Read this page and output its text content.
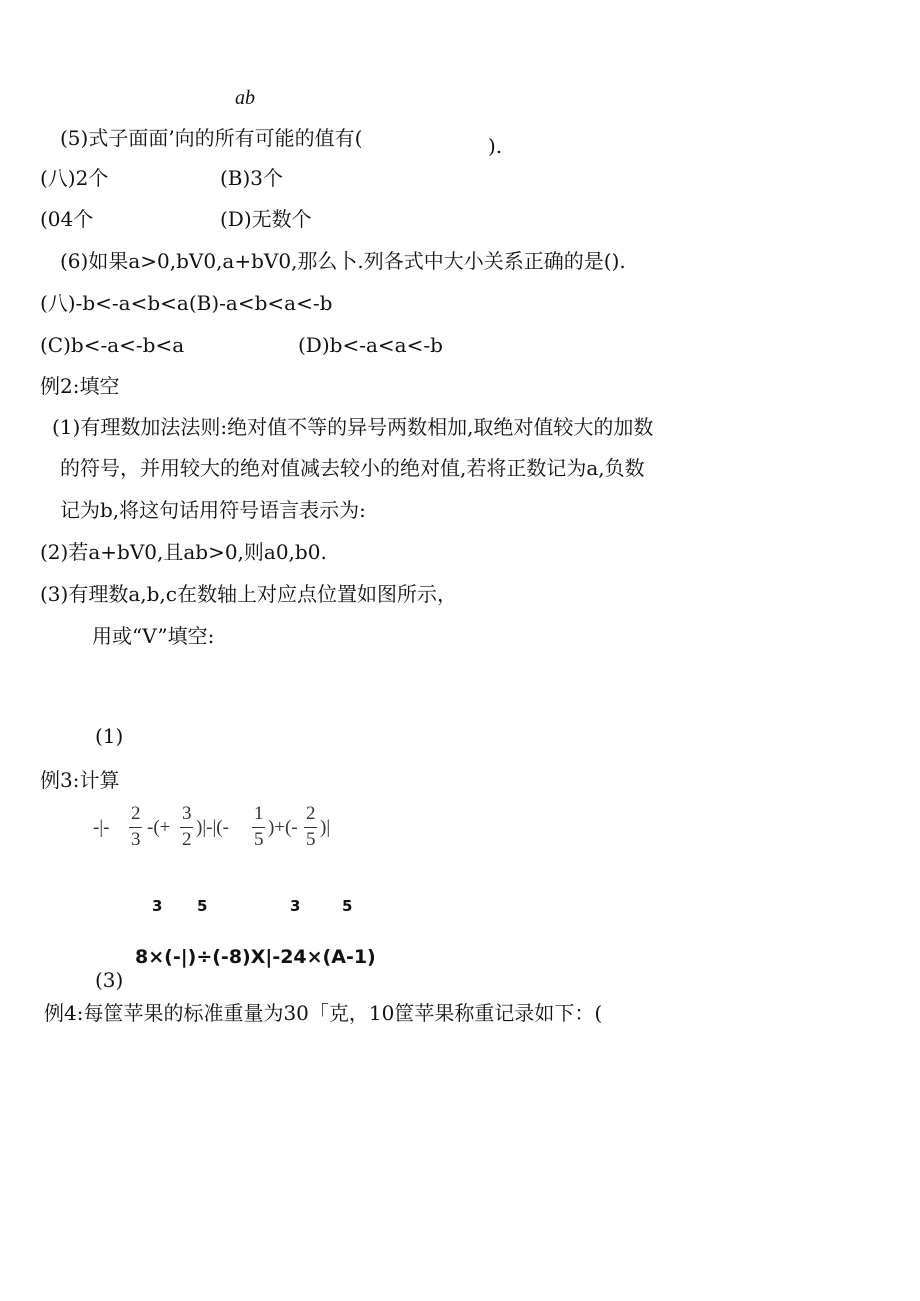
ab
(5)式子面面’向的所有可能的值有(	).
(八)2个	(B)3个
(04个	(D)无数个
(6)如果a>0,bV0,a+bV0,那么卜.列各式中大小关系正确的是().
(八)-b<-a<b<a(B)-a<b<a<-b
(C)b<-a<-b<a	(D)b<-a<a<-b
例2:填空
(1)有理数加法法则:绝对值不等的异号两数相加,取绝对值较大的加数
的符号，并用较大的绝对值减去较小的绝对值,若将正数记为a,负数
记为b,将这句话用符号语言表示为:
(2)若a+bV0,且ab>0,则a0,b0.
(3)有理数a,b,c在数轴上对应点位置如图所示，
用或“V”填空:
(1)
例3:计算
-|-
2
3
-(+
3
2
)|-|(-
1
5
)+(-
2
5
)|
3 5	3	5
8×(-|)÷(-8)X|-24×(A-1)
(3)
例4:每筐苹果的标准重量为30「克，10筐苹果称重记录如下：(
